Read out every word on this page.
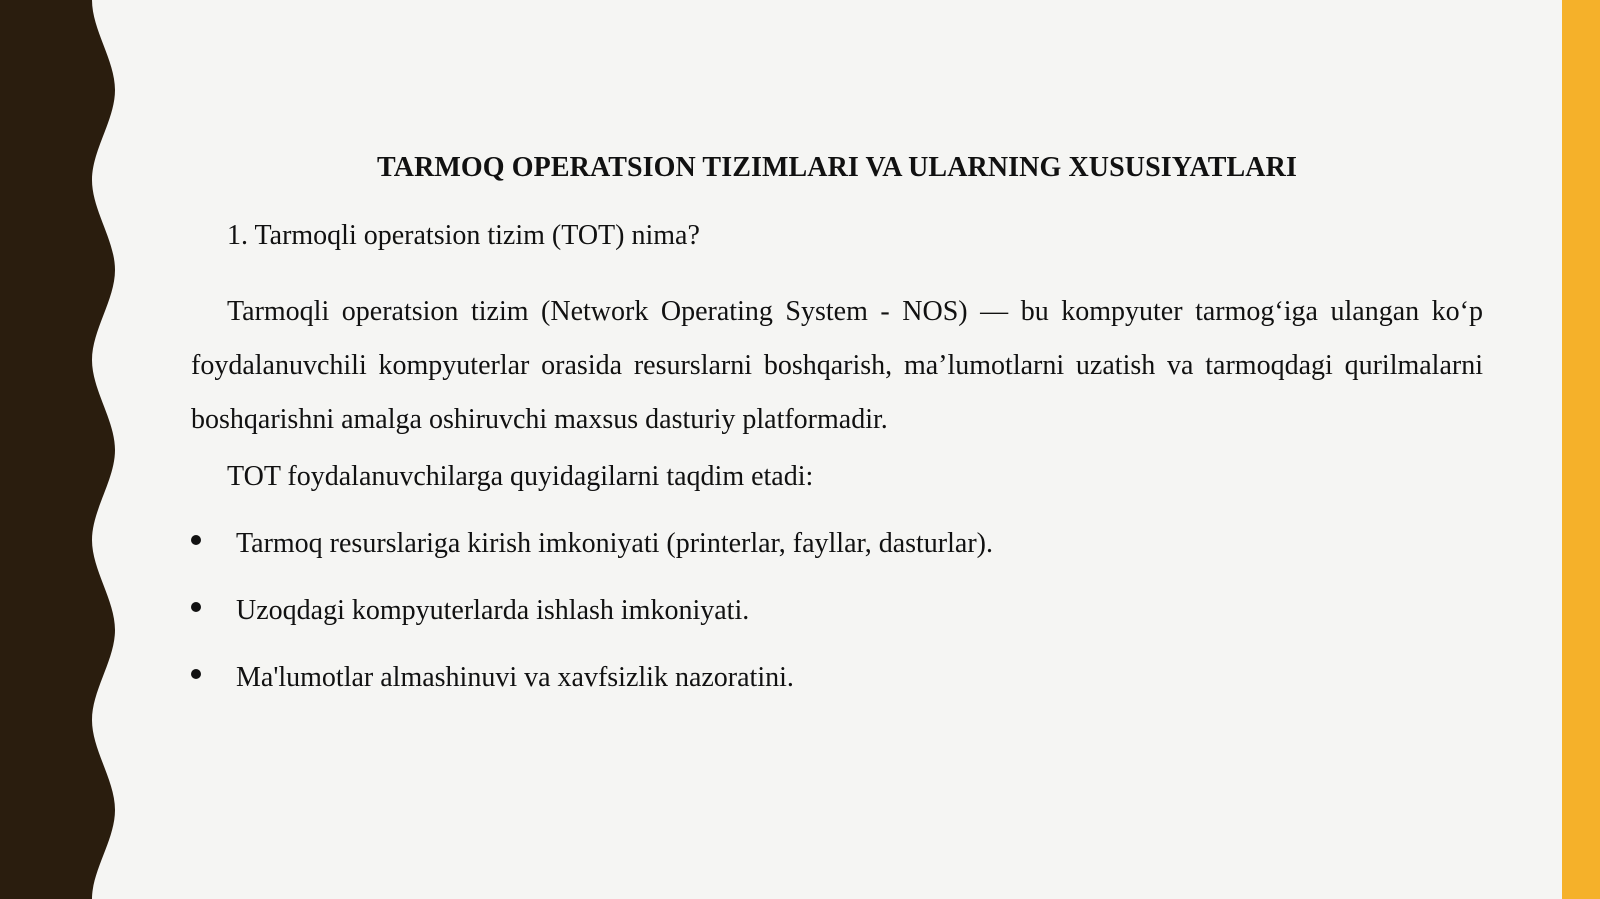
TARMOQ OPERATSION TIZIMLARI VA ULARNING XUSUSIYATLARI

1. Tarmoqli operatsion tizim (TOT) nima?

Tarmoqli operatsion tizim (Network Operating System - NOS) — bu kompyuter tarmog‘iga ulangan ko‘p foydalanuvchili kompyuterlar orasida resurslarni boshqarish, ma’lumotlarni uzatish va tarmoqdagi qurilmalarni boshqarishni amalga oshiruvchi maxsus dasturiy platformadir.

TOT foydalanuvchilarga quyidagilarni taqdim etadi:

Tarmoq resurslariga kirish imkoniyati (printerlar, fayllar, dasturlar).
Uzoqdagi kompyuterlarda ishlash imkoniyati.
Ma'lumotlar almashinuvi va xavfsizlik nazoratini.
